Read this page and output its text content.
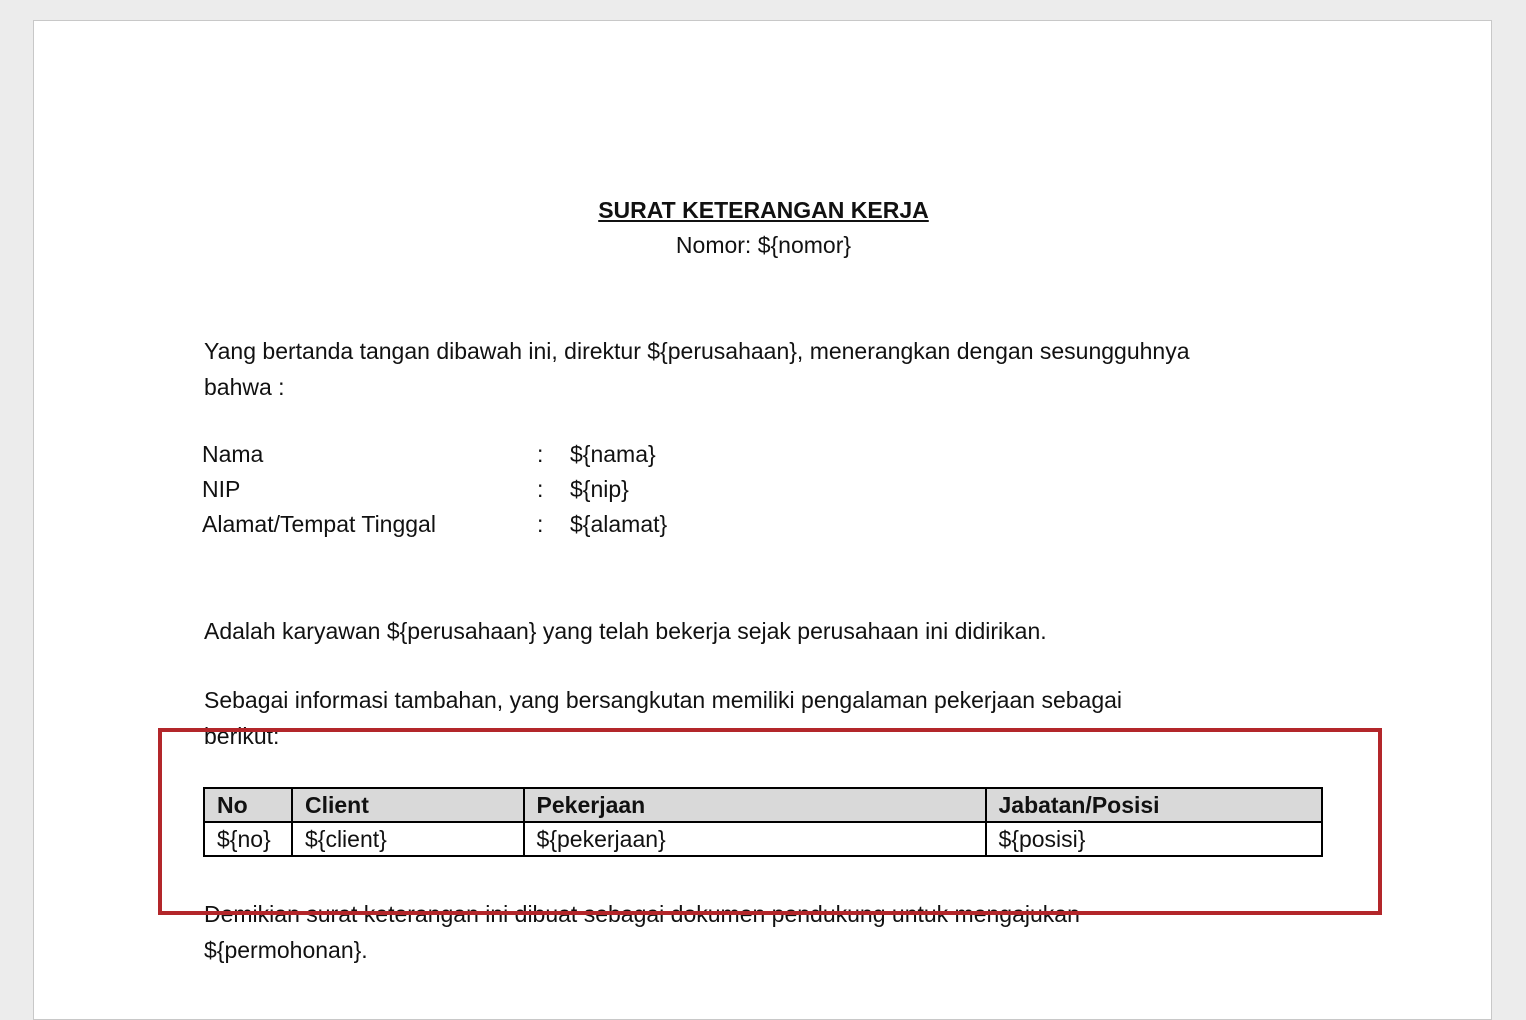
SURAT KETERANGAN KERJA
Nomor: ${nomor}
Yang bertanda tangan dibawah ini, direktur ${perusahaan}, menerangkan dengan sesungguhnya
bahwa :
Nama	: ${nama}
NIP	: ${nip}
Alamat/Tempat Tinggal	: ${alamat}
Adalah karyawan ${perusahaan} yang telah bekerja sejak perusahaan ini didirikan.
Sebagai informasi tambahan, yang bersangkutan memiliki pengalaman pekerjaan sebagai
berikut:
No	Client	Pekerjaan	Jabatan/Posisi
${no}	${client}	${pekerjaan}	${posisi}
Demikian surat keterangan ini dibuat sebagai dokumen pendukung untuk mengajukan
${permohonan}.
